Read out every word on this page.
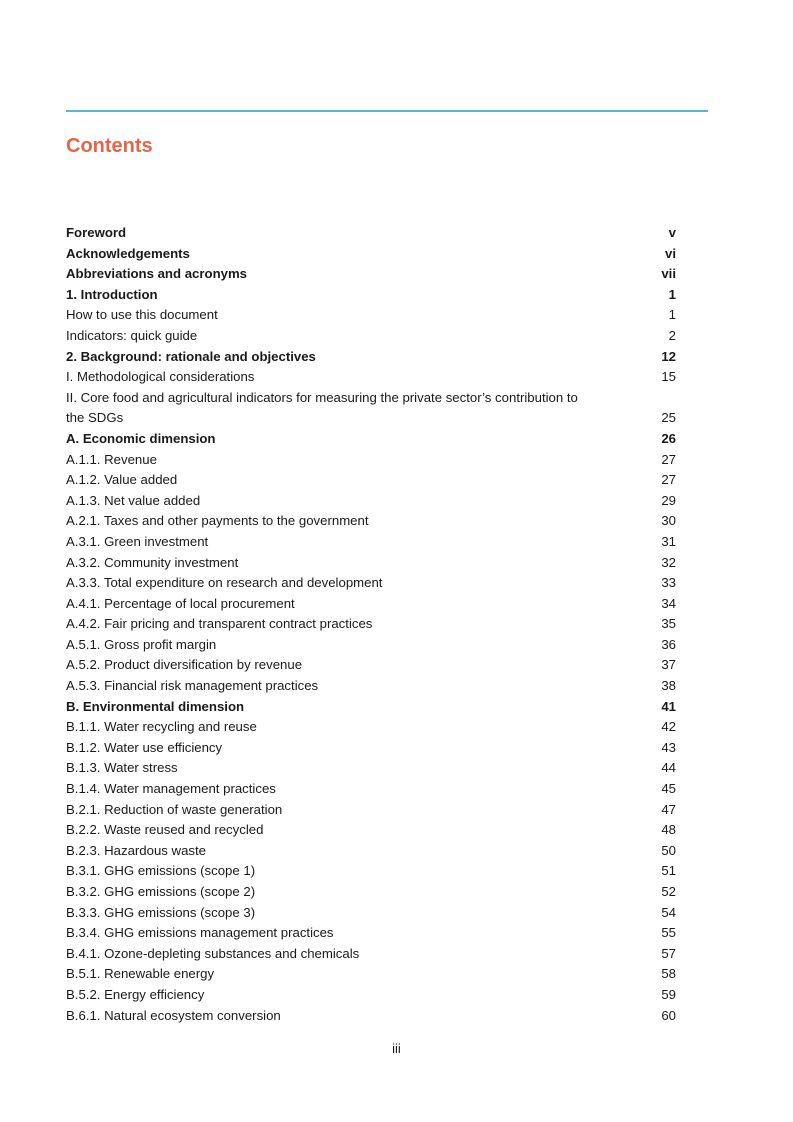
Contents
Foreword	v
Acknowledgements	vi
Abbreviations and acronyms	vii
1. Introduction	1
How to use this document	1
Indicators: quick guide	2
2. Background: rationale and objectives	12
I. Methodological considerations	15
II. Core food and agricultural indicators for measuring the private sector’s contribution to the SDGs	25
A. Economic dimension	26
A.1.1. Revenue	27
A.1.2. Value added	27
A.1.3. Net value added	29
A.2.1. Taxes and other payments to the government	30
A.3.1. Green investment	31
A.3.2. Community investment	32
A.3.3. Total expenditure on research and development	33
A.4.1. Percentage of local procurement	34
A.4.2. Fair pricing and transparent contract practices	35
A.5.1. Gross profit margin	36
A.5.2. Product diversification by revenue	37
A.5.3. Financial risk management practices	38
B. Environmental dimension	41
B.1.1. Water recycling and reuse	42
B.1.2. Water use efficiency	43
B.1.3. Water stress	44
B.1.4. Water management practices	45
B.2.1. Reduction of waste generation	47
B.2.2. Waste reused and recycled	48
B.2.3. Hazardous waste	50
B.3.1. GHG emissions (scope 1)	51
B.3.2. GHG emissions (scope 2)	52
B.3.3. GHG emissions (scope 3)	54
B.3.4. GHG emissions management practices	55
B.4.1. Ozone-depleting substances and chemicals	57
B.5.1. Renewable energy	58
B.5.2. Energy efficiency	59
B.6.1. Natural ecosystem conversion	60
iii
